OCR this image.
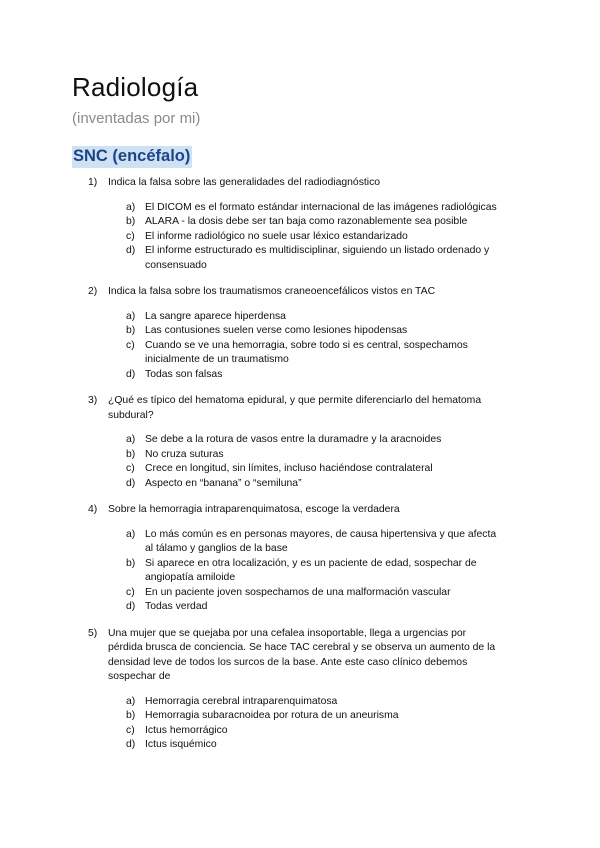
Radiología
(inventadas por mi)
SNC (encéfalo)
1) Indica la falsa sobre las generalidades del radiodiagnóstico
a) El DICOM es el formato estándar internacional de las imágenes radiológicas
b) ALARA - la dosis debe ser tan baja como razonablemente sea posible
c) El informe radiológico no suele usar léxico estandarizado
d) El informe estructurado es multidisciplinar, siguiendo un listado ordenado y consensuado
2) Indica la falsa sobre los traumatismos craneoencefálicos vistos en TAC
a) La sangre aparece hiperdensa
b) Las contusiones suelen verse como lesiones hipodensas
c) Cuando se ve una hemorragia, sobre todo si es central, sospechamos inicialmente de un traumatismo
d) Todas son falsas
3) ¿Qué es típico del hematoma epidural, y que permite diferenciarlo del hematoma subdural?
a) Se debe a la rotura de vasos entre la duramadre y la aracnoides
b) No cruza suturas
c) Crece en longitud, sin límites, incluso haciéndose contralateral
d) Aspecto en “banana” o “semiluna”
4) Sobre la hemorragia intraparenquimatosa, escoge la verdadera
a) Lo más común es en personas mayores, de causa hipertensiva y que afecta al tálamo y ganglios de la base
b) Si aparece en otra localización, y es un paciente de edad, sospechar de angiopatía amiloide
c) En un paciente joven sospechamos de una malformación vascular
d) Todas verdad
5) Una mujer que se quejaba por una cefalea insoportable, llega a urgencias por pérdida brusca de conciencia. Se hace TAC cerebral y se observa un aumento de la densidad leve de todos los surcos de la base. Ante este caso clínico debemos sospechar de
a) Hemorragia cerebral intraparenquimatosa
b) Hemorragia subaracnoidea por rotura de un aneurisma
c) Ictus hemorrágico
d) Ictus isquémico
